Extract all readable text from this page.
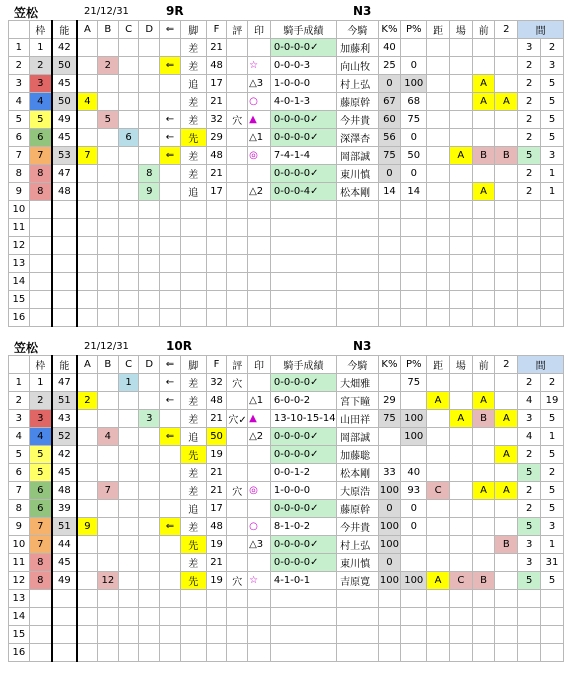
笠松	21/12/31	9R	N3
	枠	能	A	B	C	D	⇐	脚	F	評	印	騎手成績	今騎	K%	P%	距	場	前	2	間	
1	1	42						差	21			0-0-0-0✓	加藤利	40						3	2
2	2	50		2			⇐	差	48		☆	0-0-0-3	向山牧	25	0					2	3
3	3	45						追	17		△3	1-0-0-0	村上弘	0	100			A		2	5
4	4	50	4					差	21		○	4-0-1-3	藤原幹	67	68			A	A	2	5
5	5	49		5			←	差	32	穴	▲	0-0-0-0✓	今井貴	60	75					2	5
6	6	45			6		←	先	29		△1	0-0-0-0✓	深澤杏	56	0					2	5
7	7	53	7				⇐	差	48		◎	7-4-1-4	岡部誠	75	50		A	B	B	5	3
8	8	47				8		差	21			0-0-0-0✓	東川慎	0	0					2	1
9	8	48				9		追	17		△2	0-0-0-4✓	松本剛	14	14			A		2	1
10																					
11																					
12																					
13																					
14																					
15																					
16																					
笠松	21/12/31	10R	N3
	枠	能	A	B	C	D	⇐	脚	F	評	印	騎手成績	今騎	K%	P%	距	場	前	2	間	
1	1	47			1		←	差	32	穴		0-0-0-0✓	大畑雅		75					2	2
2	2	51	2				←	差	48		△1	6-0-0-2	宮下瞳	29		A		A		4	19
3	3	43				3		差	21	穴✓	▲	13-10-15-14	山田祥	75	100		A	B	A	3	5
4	4	52		4			⇐	追	50		△2	0-0-0-0✓	岡部誠		100					4	1
5	5	42						先	19			0-0-0-0✓	加藤聡						A	2	5
6	5	45						差	21			0-0-1-2	松本剛	33	40					5	2
7	6	48		7				差	21	穴	◎	1-0-0-0	大原浩	100	93	C		A	A	2	5
8	6	39						追	17			0-0-0-0✓	藤原幹	0	0					2	5
9	7	51	9				⇐	差	48		○	8-1-0-2	今井貴	100	0					5	3
10	7	44						先	19		△3	0-0-0-0✓	村上弘	100					B	3	1
11	8	45						差	21			0-0-0-0✓	東川慎	0						3	31
12	8	49		12				先	19	穴	☆	4-1-0-1	吉原寛	100	100	A	C	B		5	5
13																					
14																					
15																					
16																					
